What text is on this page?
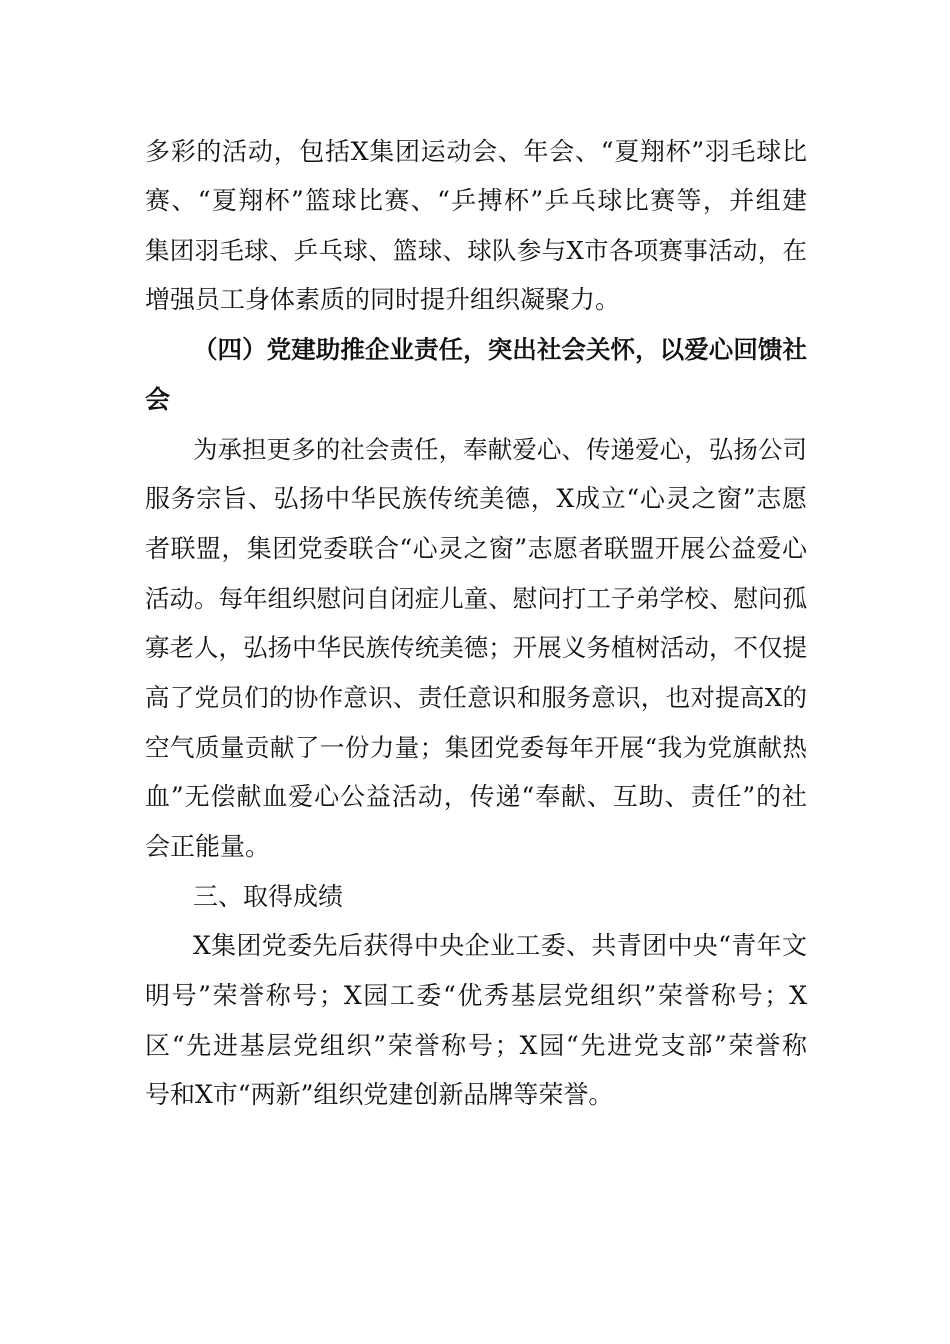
多彩的活动，包括X集团运动会、年会、“夏翔杯”羽毛球比
赛、“夏翔杯”篮球比赛、“乒搏杯”乒乓球比赛等，并组建
集团羽毛球、乒乓球、篮球、球队参与X市各项赛事活动，在
增强员工身体素质的同时提升组织凝聚力。
（四）党建助推企业责任，突出社会关怀，以爱心回馈社
会
为承担更多的社会责任，奉献爱心、传递爱心，弘扬公司
服务宗旨、弘扬中华民族传统美德，X成立“心灵之窗”志愿
者联盟，集团党委联合“心灵之窗”志愿者联盟开展公益爱心
活动。每年组织慰问自闭症儿童、慰问打工子弟学校、慰问孤
寡老人，弘扬中华民族传统美德；开展义务植树活动，不仅提
高了党员们的协作意识、责任意识和服务意识，也对提高X的
空气质量贡献了一份力量；集团党委每年开展“我为党旗献热
血”无偿献血爱心公益活动，传递“奉献、互助、责任”的社
会正能量。
三、取得成绩
X集团党委先后获得中央企业工委、共青团中央“青年文
明号”荣誉称号；X园工委“优秀基层党组织”荣誉称号；X
区“先进基层党组织”荣誉称号；X园“先进党支部”荣誉称
号和X市“两新”组织党建创新品牌等荣誉。
